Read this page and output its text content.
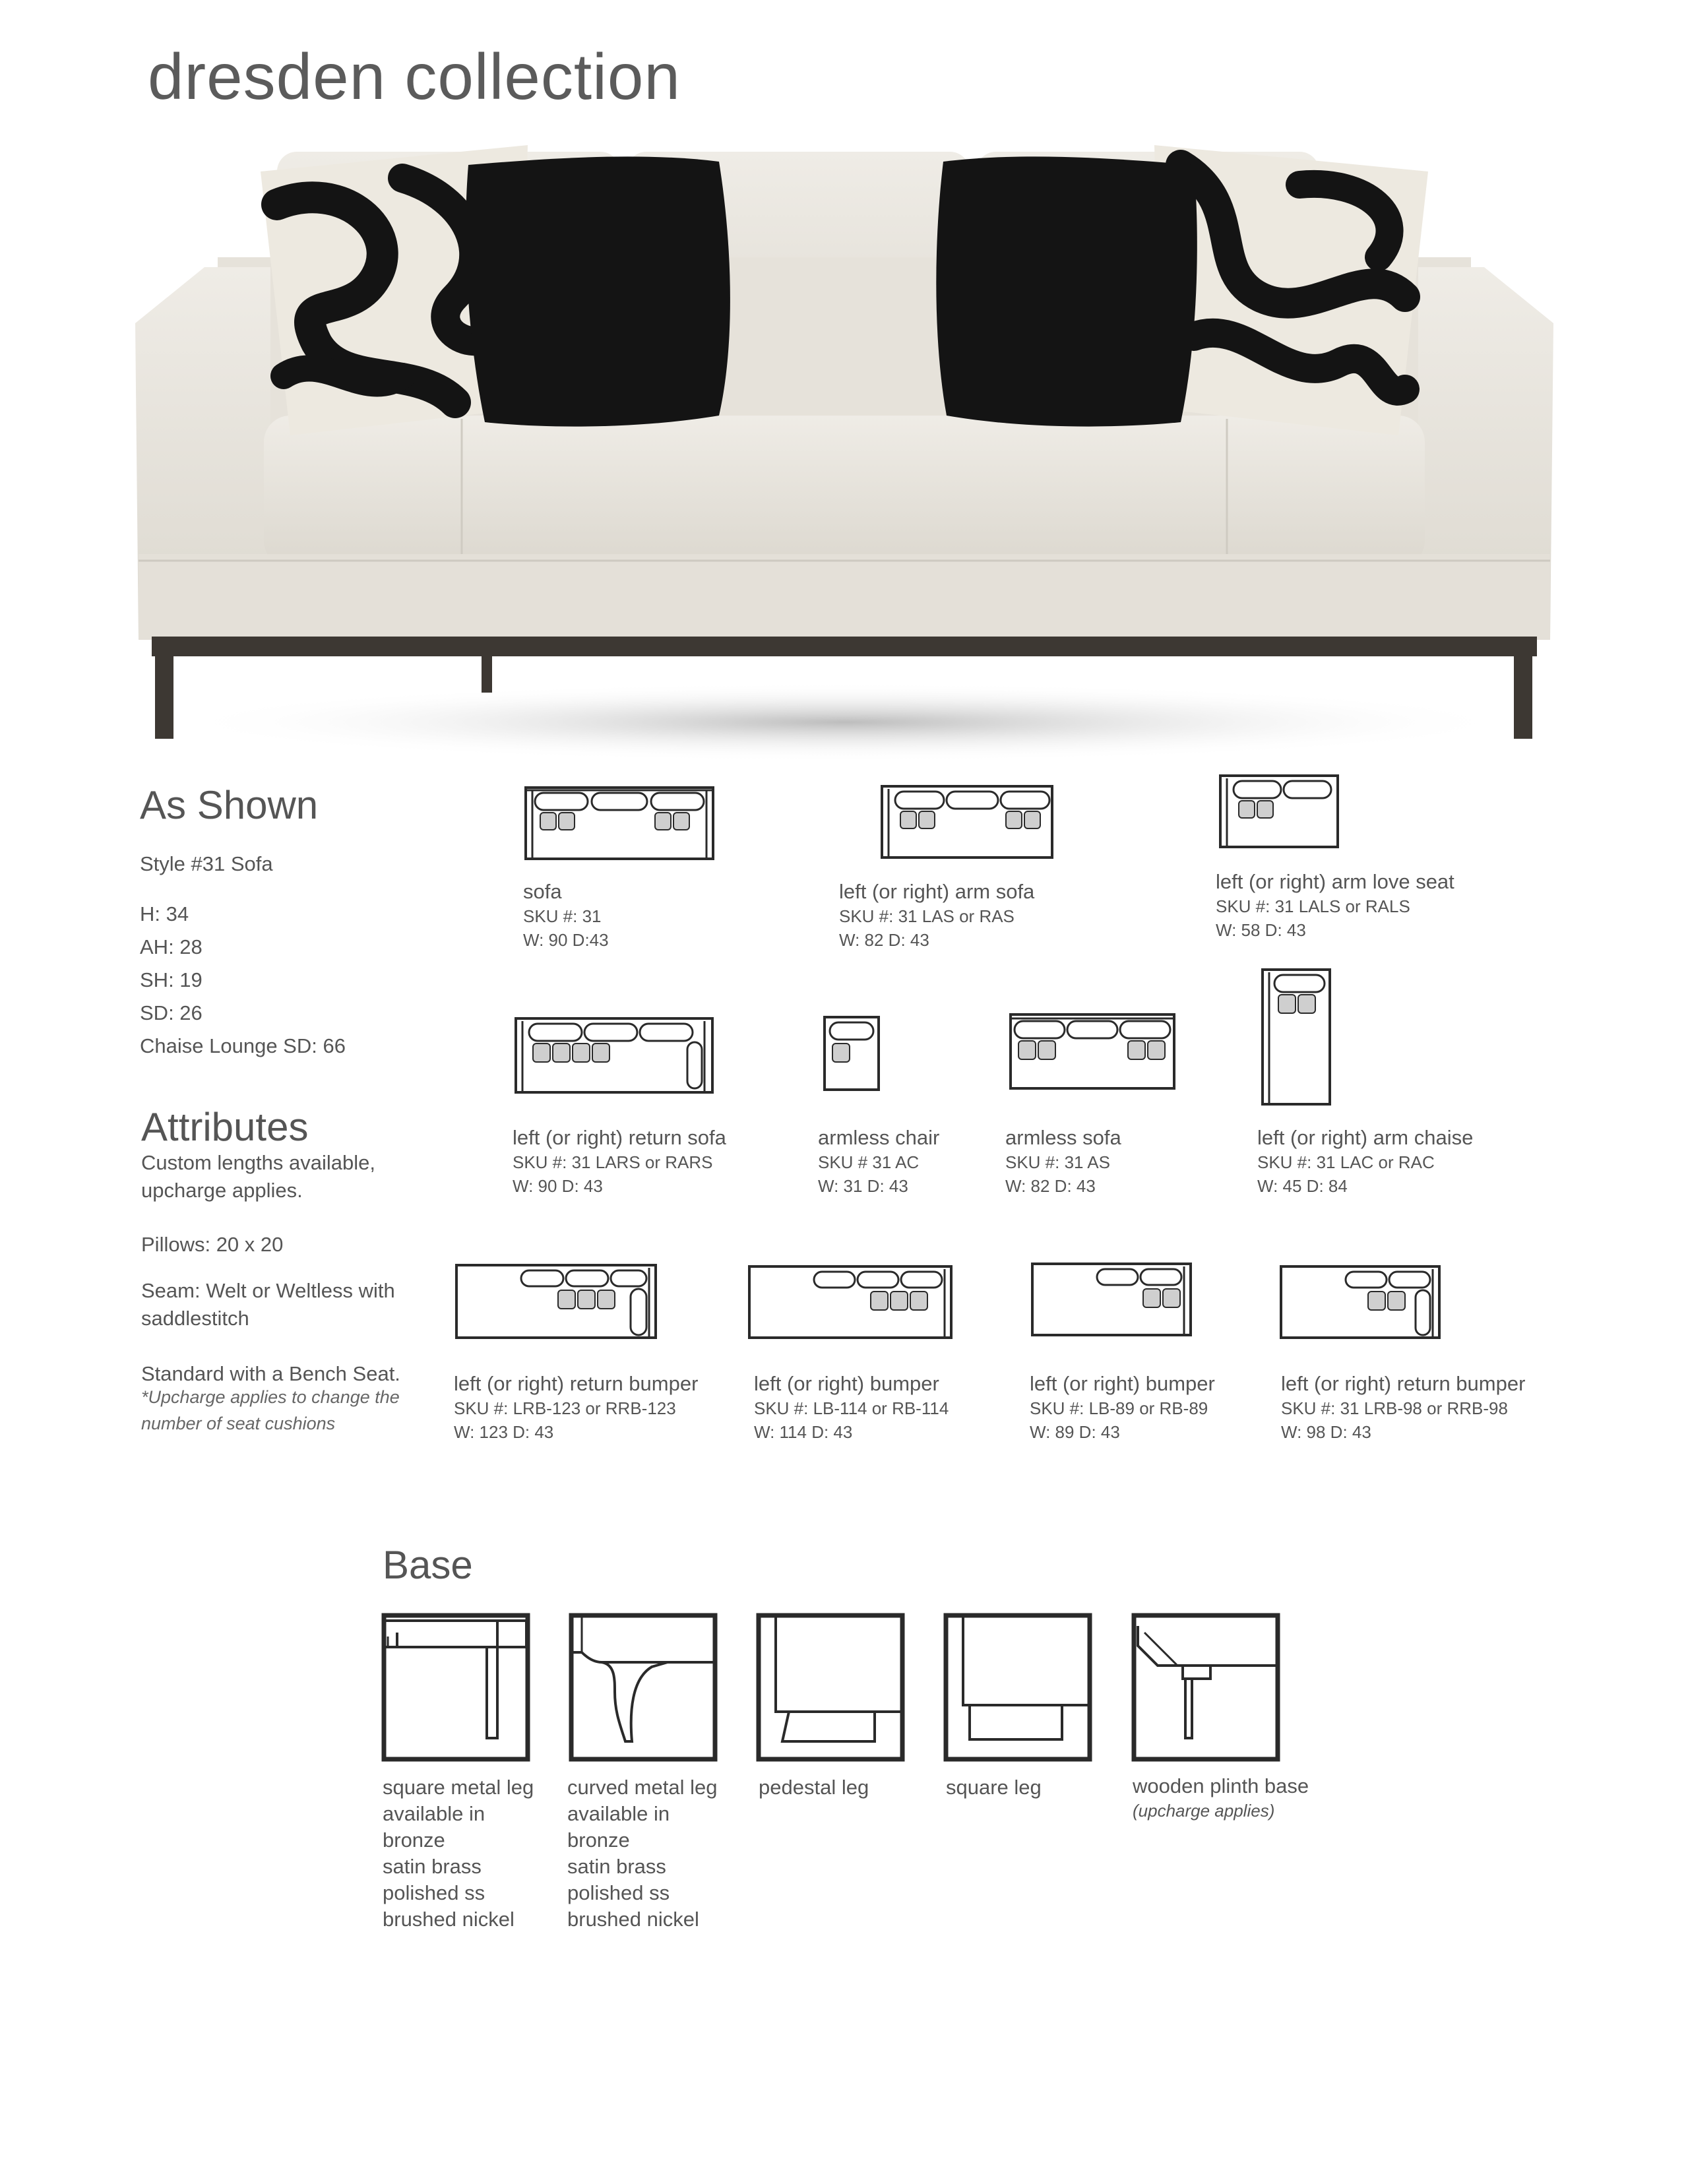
dresden collection
As Shown
Style #31 Sofa
H: 34
AH: 28
SH: 19
SD: 26
Chaise Lounge SD: 66
Attributes
Custom lengths available,
upcharge applies.
Pillows: 20 x 20
Seam: Welt or Weltless with
saddlestitch
Standard with a Bench Seat.
*Upcharge applies to change the
number of seat cushions
sofa
SKU #: 31
W: 90 D:43
left (or right) arm sofa
SKU #: 31 LAS or RAS
W: 82 D: 43
left (or right) arm love seat
SKU #: 31 LALS or RALS
W: 58 D: 43
left (or right) return sofa
SKU #: 31 LARS or RARS
W: 90 D: 43
armless chair
SKU # 31 AC
W: 31 D: 43
armless sofa
SKU #: 31 AS
W: 82 D: 43
left (or right) arm chaise
SKU #: 31 LAC or RAC
W: 45 D: 84
left (or right) return bumper
SKU #: LRB-123 or RRB-123
W: 123 D: 43
left (or right) bumper
SKU #: LB-114 or RB-114
W: 114 D: 43
left (or right) bumper
SKU #: LB-89 or RB-89
W: 89 D: 43
left (or right) return bumper
SKU #: 31 LRB-98 or RRB-98
W: 98 D: 43
Base
square metal leg
available in
bronze
satin brass
polished ss
brushed nickel
curved metal leg
available in
bronze
satin brass
polished ss
brushed nickel
pedestal leg	square leg	wooden plinth base
(upcharge applies)
